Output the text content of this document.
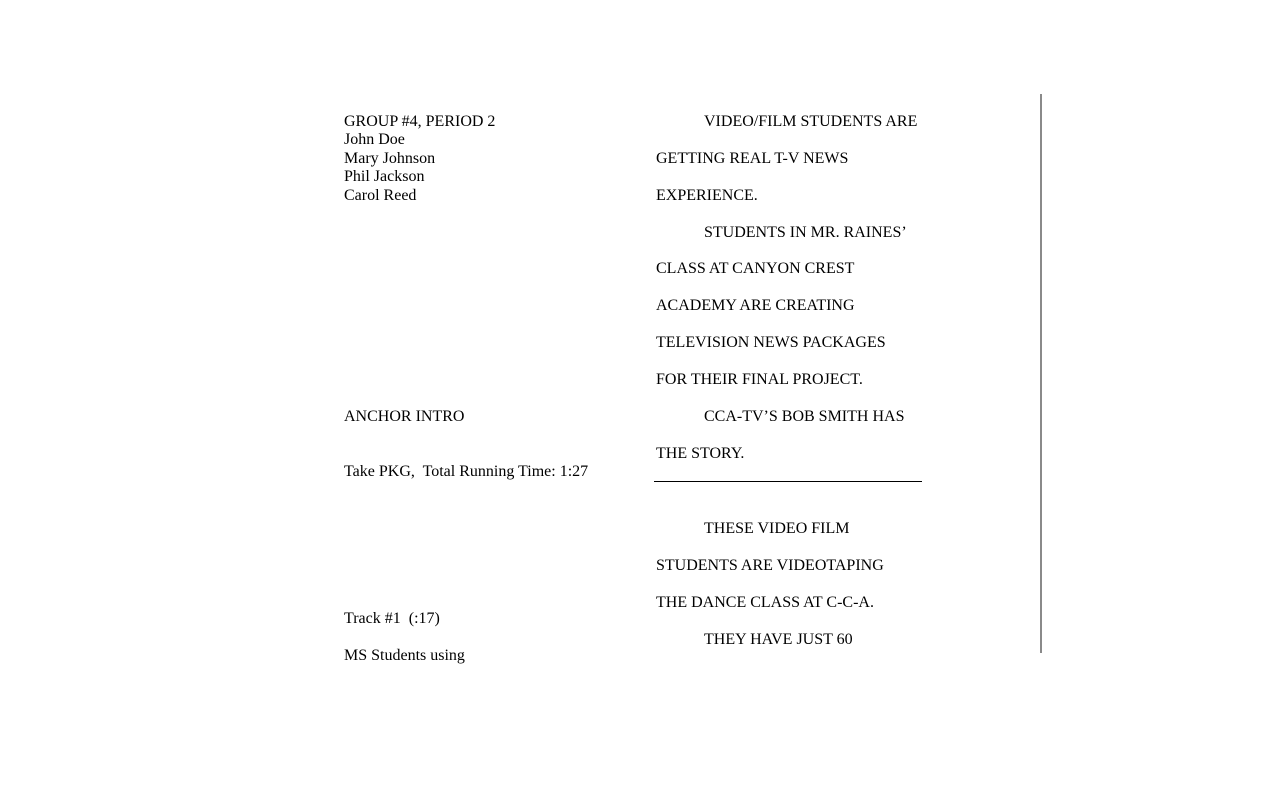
GROUP #4, PERIOD 2
John Doe
Mary Johnson
Phil Jackson
Carol Reed
ANCHOR INTRO
Take PKG,  Total Running Time: 1:27
Track #1  (:17)
MS Students using
VIDEO/FILM STUDENTS ARE
GETTING REAL T-V NEWS
EXPERIENCE.
STUDENTS IN MR. RAINES’
CLASS AT CANYON CREST
ACADEMY ARE CREATING
TELEVISION NEWS PACKAGES
FOR THEIR FINAL PROJECT.
CCA-TV’S BOB SMITH HAS
THE STORY.
THESE VIDEO FILM
STUDENTS ARE VIDEOTAPING
THE DANCE CLASS AT C-C-A.
THEY HAVE JUST 60
